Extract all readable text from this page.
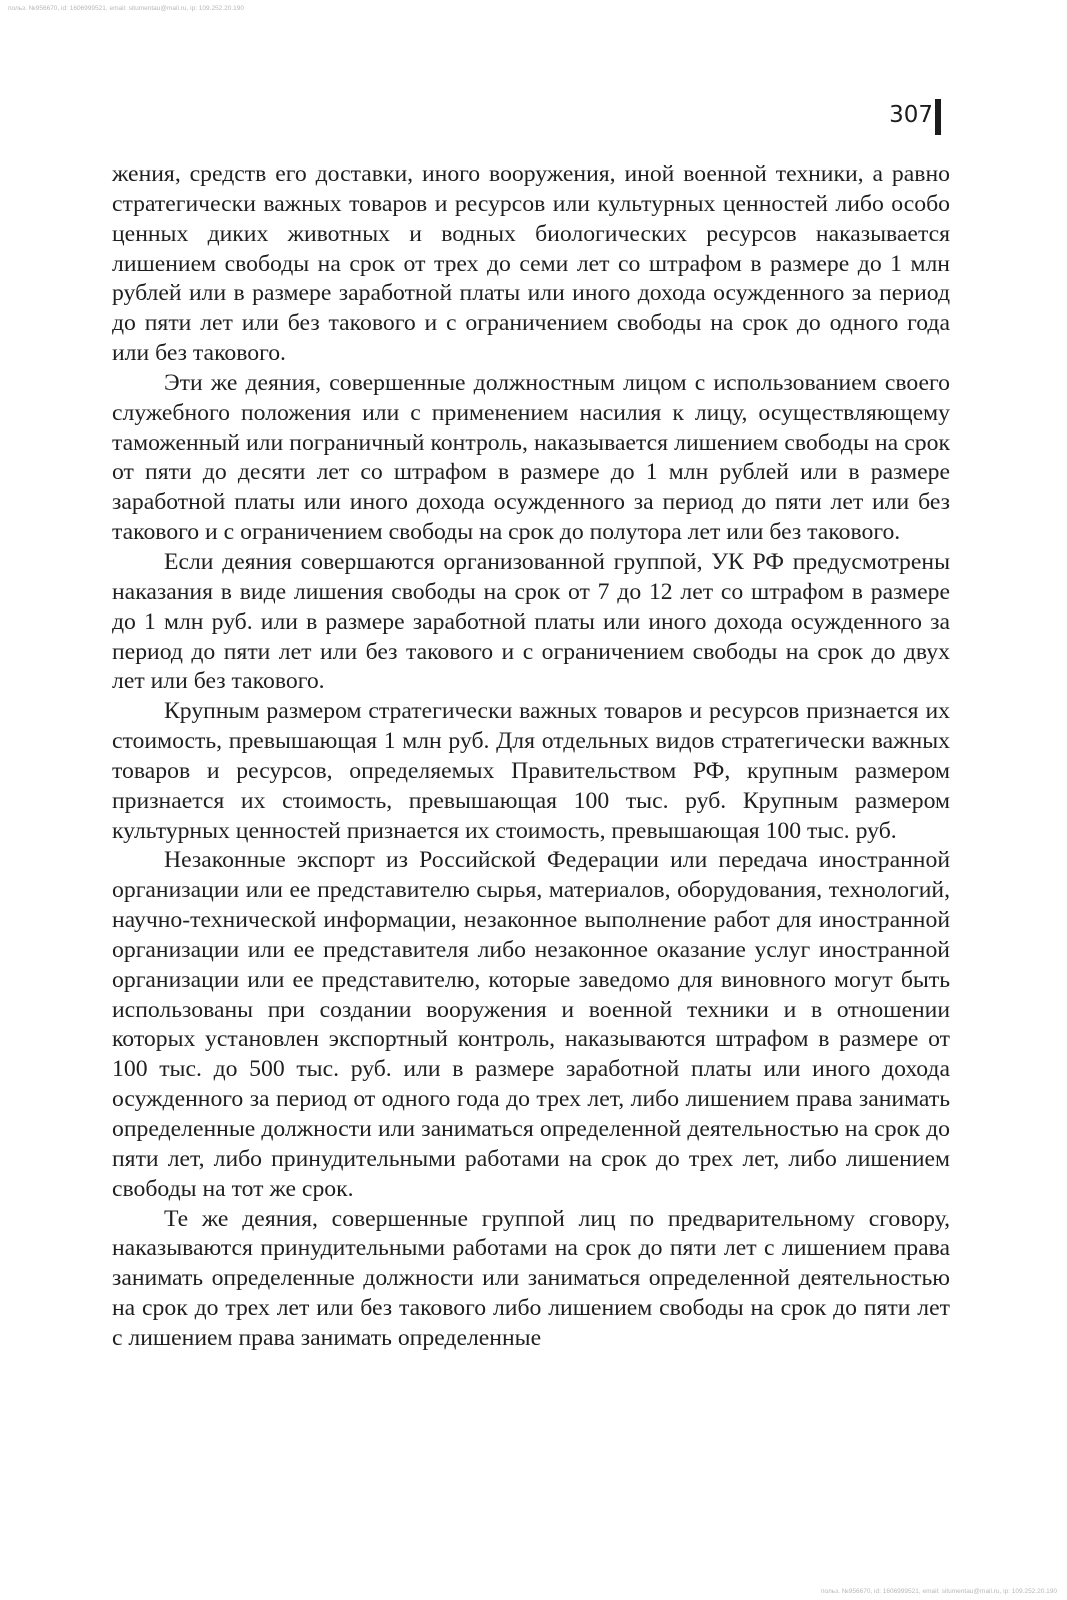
польз. №956670, id: 1606999521, email: situmentau@mail.ru, ip: 109.252.20.190
307

жения, средств его доставки, иного вооружения, иной военной техники, а равно стратегически важных товаров и ресурсов или культурных ценностей либо особо ценных диких животных и водных биологических ресурсов наказывается лишением свободы на срок от трех до семи лет со штрафом в размере до 1 млн рублей или в размере заработной платы или иного дохода осужденного за период до пяти лет или без такового и с ограничением свободы на срок до одного года или без такового.

Эти же деяния, совершенные должностным лицом с использованием своего служебного положения или с применением насилия к лицу, осуществляющему таможенный или пограничный контроль, наказывается лишением свободы на срок от пяти до десяти лет со штрафом в размере до 1 млн рублей или в размере заработной платы или иного дохода осужденного за период до пяти лет или без такового и с ограничением свободы на срок до полутора лет или без такового.

Если деяния совершаются организованной группой, УК РФ предусмотрены наказания в виде лишения свободы на срок от 7 до 12 лет со штрафом в размере до 1 млн руб. или в размере заработной платы или иного дохода осужденного за период до пяти лет или без такового и с ограничением свободы на срок до двух лет или без такового.

Крупным размером стратегически важных товаров и ресурсов признается их стоимость, превышающая 1 млн руб. Для отдельных видов стратегически важных товаров и ресурсов, определяемых Правительством РФ, крупным размером признается их стоимость, превышающая 100 тыс. руб. Крупным размером культурных ценностей признается их стоимость, превышающая 100 тыс. руб.

Незаконные экспорт из Российской Федерации или передача иностранной организации или ее представителю сырья, материалов, оборудования, технологий, научно-технической информации, незаконное выполнение работ для иностранной организации или ее представителя либо незаконное оказание услуг иностранной организации или ее представителю, которые заведомо для виновного могут быть использованы при создании вооружения и военной техники и в отношении которых установлен экспортный контроль, наказываются штрафом в размере от 100 тыс. до 500 тыс. руб. или в размере заработной платы или иного дохода осужденного за период от одного года до трех лет, либо лишением права занимать определенные должности или заниматься определенной деятельностью на срок до пяти лет, либо принудительными работами на срок до трех лет, либо лишением свободы на тот же срок.

Те же деяния, совершенные группой лиц по предварительному сговору, наказываются принудительными работами на срок до пяти лет с лишением права занимать определенные должности или заниматься определенной деятельностью на срок до трех лет или без такового либо лишением свободы на срок до пяти лет с лишением права занимать определенные

польз. №956670, id: 1606999521, email: situmentau@mail.ru, ip: 109.252.20.190
